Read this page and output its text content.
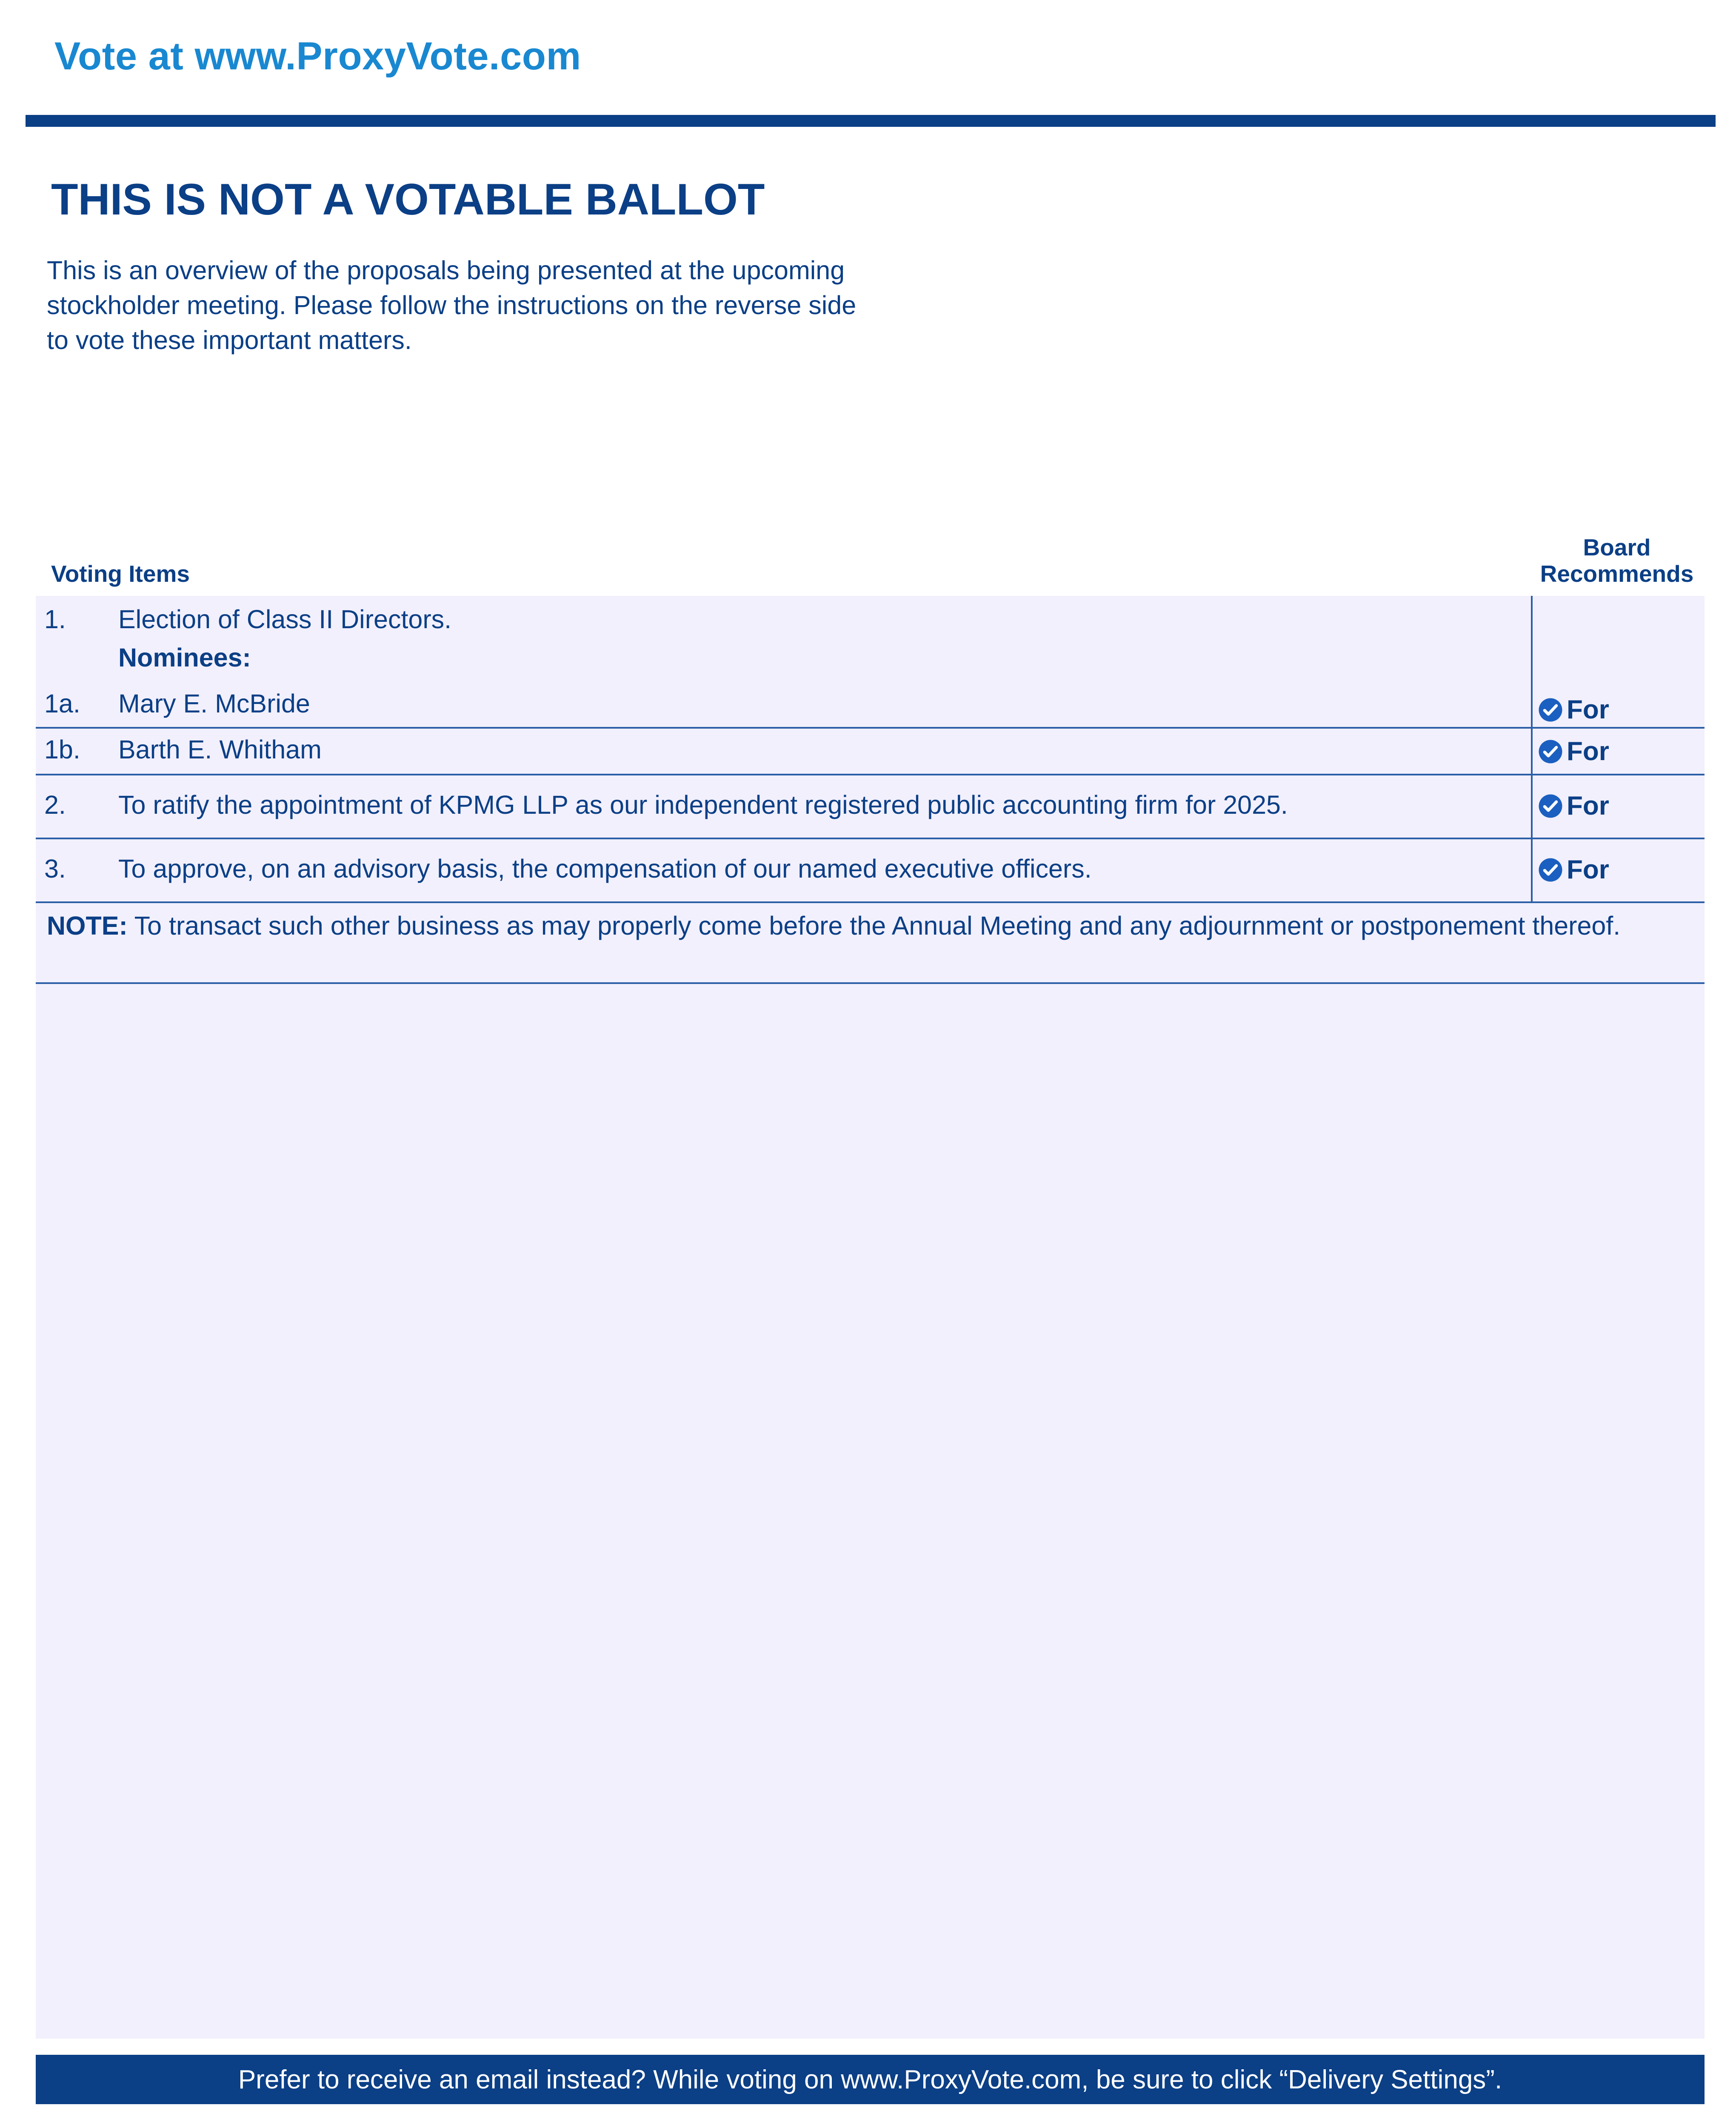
Vote at www.ProxyVote.com
THIS IS NOT A VOTABLE BALLOT
This is an overview of the proposals being presented at the upcoming stockholder meeting. Please follow the instructions on the reverse side to vote these important matters.
Voting Items
Board
Recommends
1. Election of Class II Directors.
Nominees:
1a. Mary E. McBride	For
1b. Barth E. Whitham	For
2. To ratify the appointment of KPMG LLP as our independent registered public accounting firm for 2025.	For
3. To approve, on an advisory basis, the compensation of our named executive officers.	For
NOTE: To transact such other business as may properly come before the Annual Meeting and any adjournment or postponement thereof.
Prefer to receive an email instead? While voting on www.ProxyVote.com, be sure to click “Delivery Settings”.
